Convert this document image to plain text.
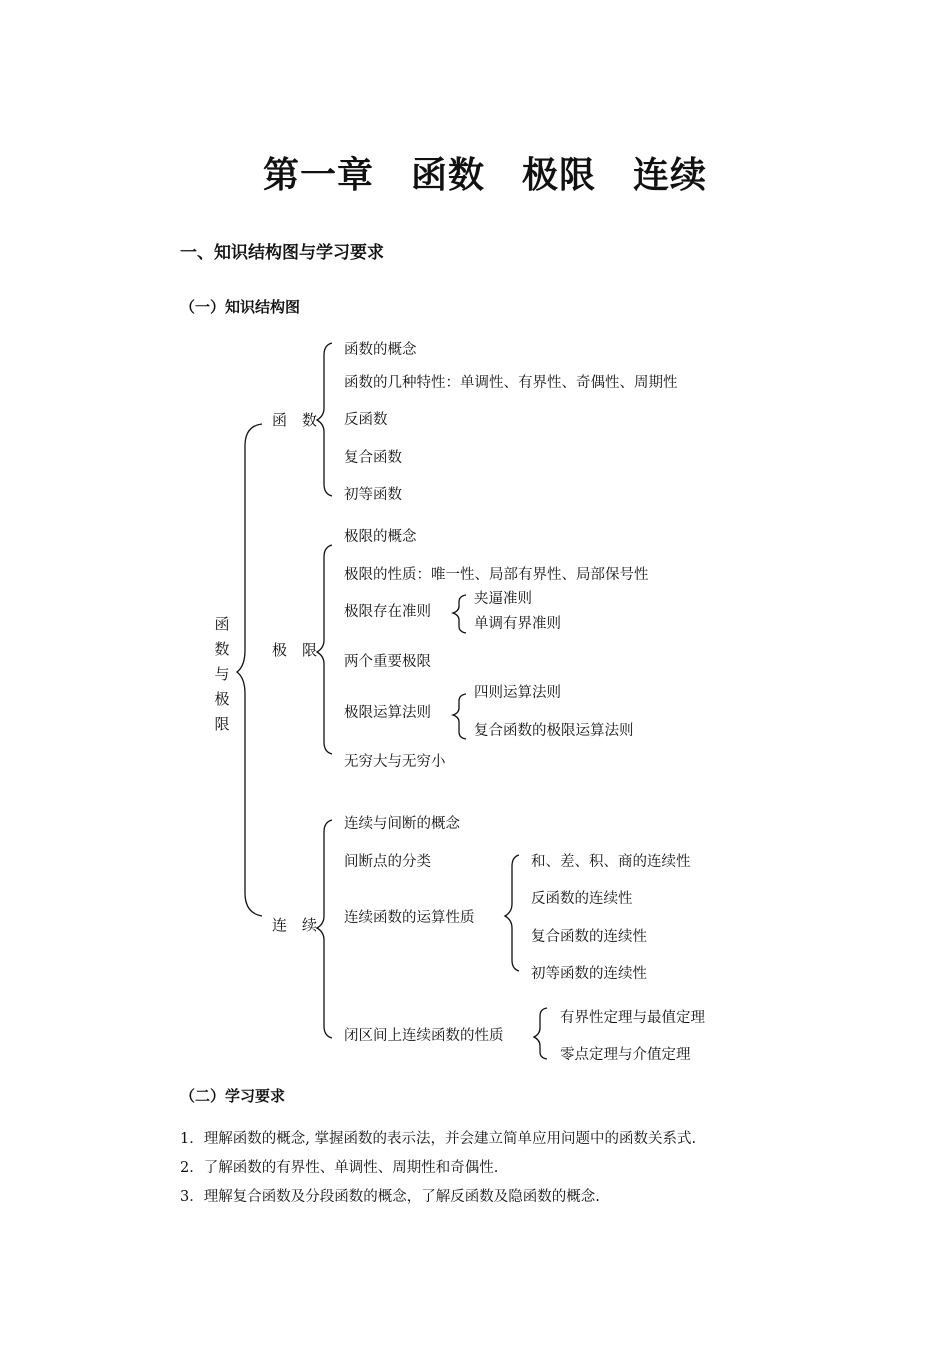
第一章　函数　极限　连续
一、知识结构图与学习要求
（一）知识结构图
函
数
与
极
限
函　数
函数的概念
函数的几种特性：单调性、有界性、奇偶性、周期性
反函数
复合函数
初等函数
极　限
极限的概念
极限的性质：唯一性、局部有界性、局部保号性
极限存在准则
夹逼准则
单调有界准则
两个重要极限
极限运算法则
四则运算法则
复合函数的极限运算法则
无穷大与无穷小
连　续
连续与间断的概念
间断点的分类
连续函数的运算性质
和、差、积、商的连续性
反函数的连续性
复合函数的连续性
初等函数的连续性
闭区间上连续函数的性质
有界性定理与最值定理
零点定理与介值定理
（二）学习要求
1．理解函数的概念, 掌握函数的表示法，并会建立简单应用问题中的函数关系式.
2．了解函数的有界性、单调性、周期性和奇偶性.
3．理解复合函数及分段函数的概念，了解反函数及隐函数的概念.
